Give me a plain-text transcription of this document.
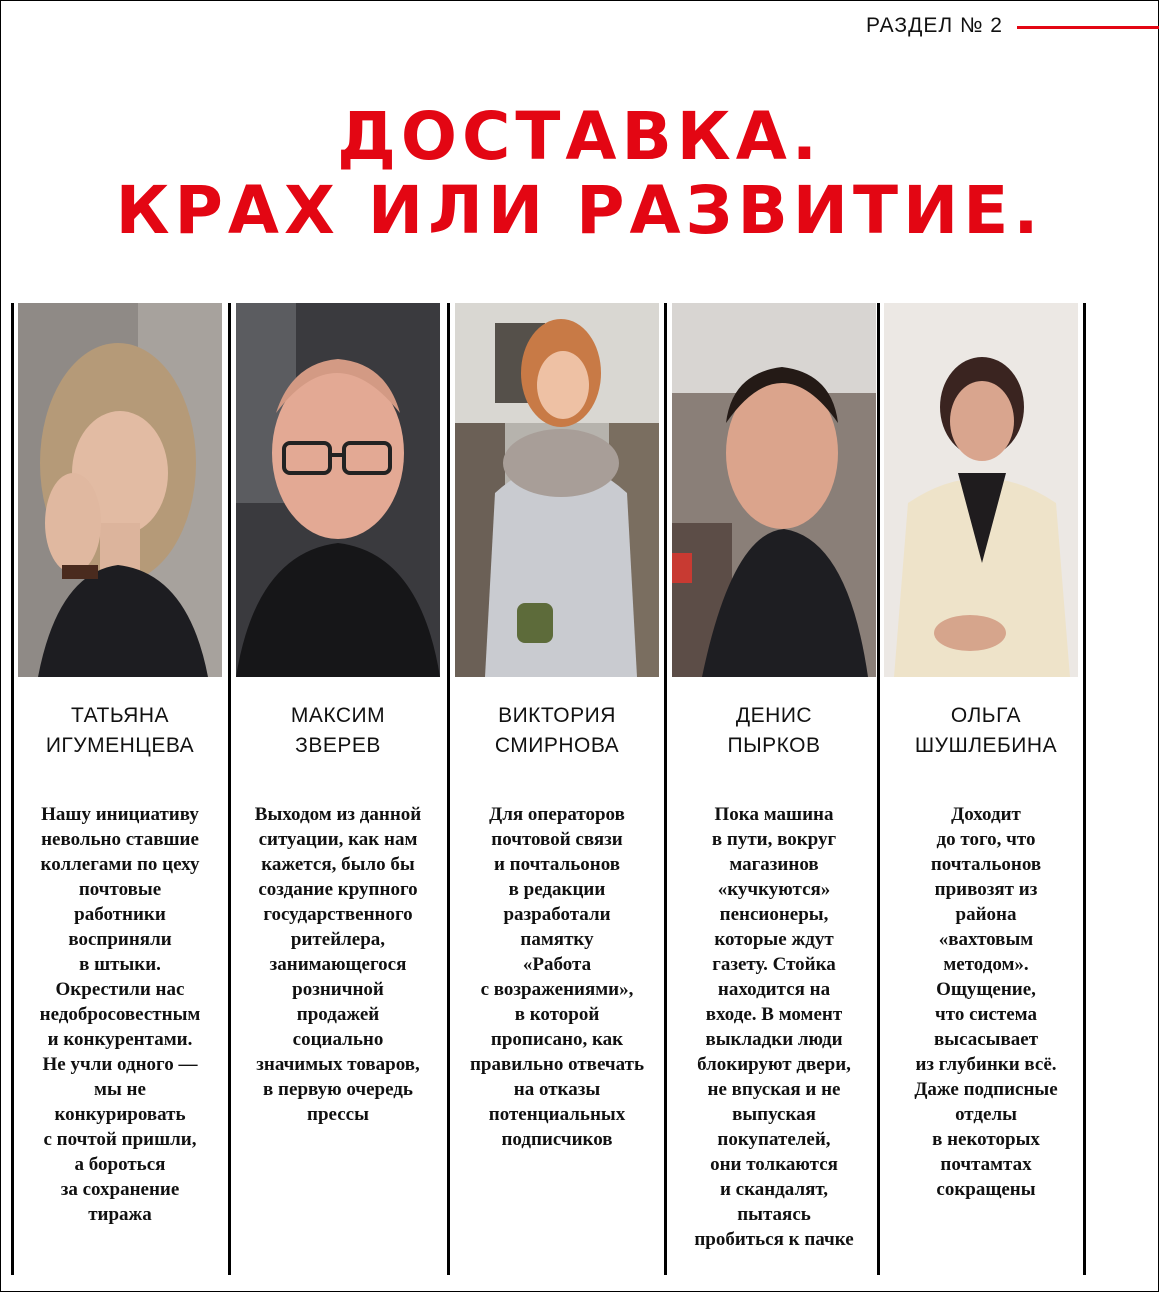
РАЗДЕЛ № 2
ДОСТАВКА.
КРАХ ИЛИ РАЗВИТИЕ.
ТАТЬЯНА
ИГУМЕНЦЕВА
Нашу инициативу
невольно ставшие
коллегами по цеху
почтовые
работники
восприняли
в штыки.
Окрестили нас
недобросовестным
и конкурентами.
Не учли одного —
мы не
конкурировать
с почтой пришли,
а бороться
за сохранение
тиража
МАКСИМ
ЗВЕРЕВ
Выходом из данной
ситуации, как нам
кажется, было бы
создание крупного
государственного
ритейлера,
занимающегося
розничной
продажей
социально
значимых товаров,
в первую очередь
прессы
ВИКТОРИЯ
СМИРНОВА
Для операторов
почтовой связи
и почтальонов
в редакции
разработали
памятку
«Работа
с возражениями»,
в которой
прописано, как
правильно отвечать
на отказы
потенциальных
подписчиков
ДЕНИС
ПЫРКОВ
Пока машина
в пути, вокруг
магазинов
«кучкуются»
пенсионеры,
которые ждут
газету. Стойка
находится на
входе. В момент
выкладки люди
блокируют двери,
не впуская и не
выпуская
покупателей,
они толкаются
и скандалят,
пытаясь
пробиться к пачке
ОЛЬГА
ШУШЛЕБИНА
Доходит
до того, что
почтальонов
привозят из
района
«вахтовым
методом».
Ощущение,
что система
высасывает
из глубинки всё.
Даже подписные
отделы
в некоторых
почтамтах
сокращены
